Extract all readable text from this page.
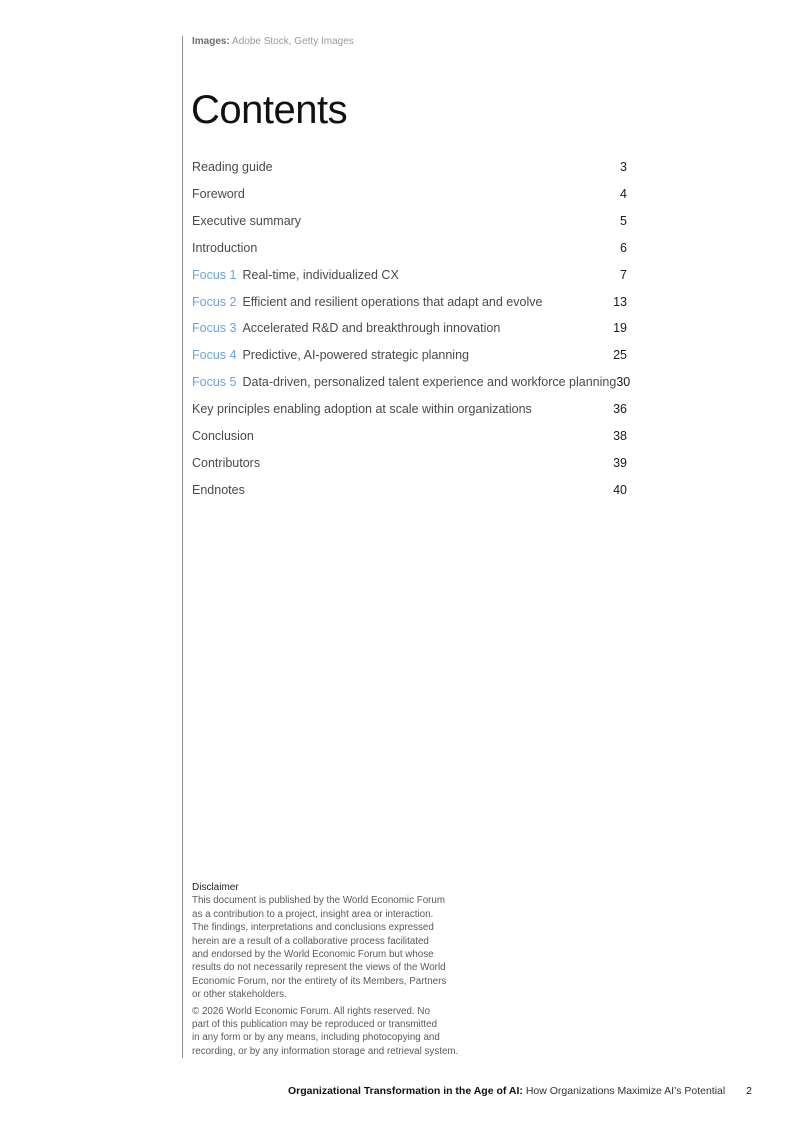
Images: Adobe Stock, Getty Images
Contents
Reading guide	3
Foreword	4
Executive summary	5
Introduction	6
Focus 1 Real-time, individualized CX	7
Focus 2 Efficient and resilient operations that adapt and evolve	13
Focus 3 Accelerated R&D and breakthrough innovation	19
Focus 4 Predictive, AI-powered strategic planning	25
Focus 5 Data-driven, personalized talent experience and workforce planning 30
Key principles enabling adoption at scale within organizations	36
Conclusion	38
Contributors	39
Endnotes	40
Disclaimer
This document is published by the World Economic Forum
as a contribution to a project, insight area or interaction.
The findings, interpretations and conclusions expressed
herein are a result of a collaborative process facilitated
and endorsed by the World Economic Forum but whose
results do not necessarily represent the views of the World
Economic Forum, nor the entirety of its Members, Partners
or other stakeholders.
© 2026 World Economic Forum. All rights reserved. No
part of this publication may be reproduced or transmitted
in any form or by any means, including photocopying and
recording, or by any information storage and retrieval system.
Organizational Transformation in the Age of AI: How Organizations Maximize AI’s Potential 2
